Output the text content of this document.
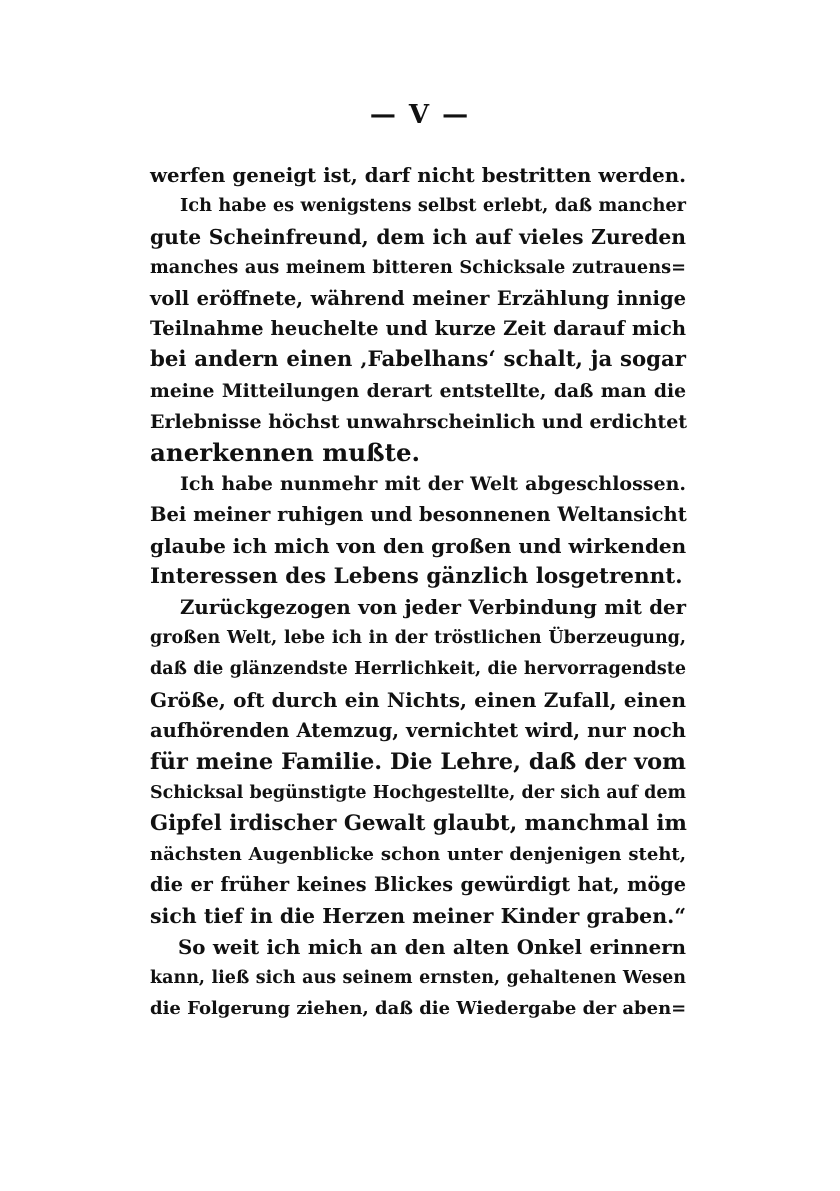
— V —
werfen geneigt ist, darf nicht bestritten werden.
Ich habe es wenigstens selbst erlebt, daß mancher
gute Scheinfreund, dem ich auf vieles Zureden
manches aus meinem bitteren Schicksale zutrauens=
voll eröffnete, während meiner Erzählung innige
Teilnahme heuchelte und kurze Zeit darauf mich
bei andern einen ‚Fabelhans‘ schalt, ja sogar
meine Mitteilungen derart entstellte, daß man die
Erlebnisse höchst unwahrscheinlich und erdichtet
anerkennen mußte.
Ich habe nunmehr mit der Welt abgeschlossen.
Bei meiner ruhigen und besonnenen Weltansicht
glaube ich mich von den großen und wirkenden
Interessen des Lebens gänzlich losgetrennt.
Zurückgezogen von jeder Verbindung mit der
großen Welt, lebe ich in der tröstlichen Überzeugung,
daß die glänzendste Herrlichkeit, die hervorragendste
Größe, oft durch ein Nichts, einen Zufall, einen
aufhörenden Atemzug, vernichtet wird, nur noch
für meine Familie. Die Lehre, daß der vom
Schicksal begünstigte Hochgestellte, der sich auf dem
Gipfel irdischer Gewalt glaubt, manchmal im
nächsten Augenblicke schon unter denjenigen steht,
die er früher keines Blickes gewürdigt hat, möge
sich tief in die Herzen meiner Kinder graben.“
So weit ich mich an den alten Onkel erinnern
kann, ließ sich aus seinem ernsten, gehaltenen Wesen
die Folgerung ziehen, daß die Wiedergabe der aben=
